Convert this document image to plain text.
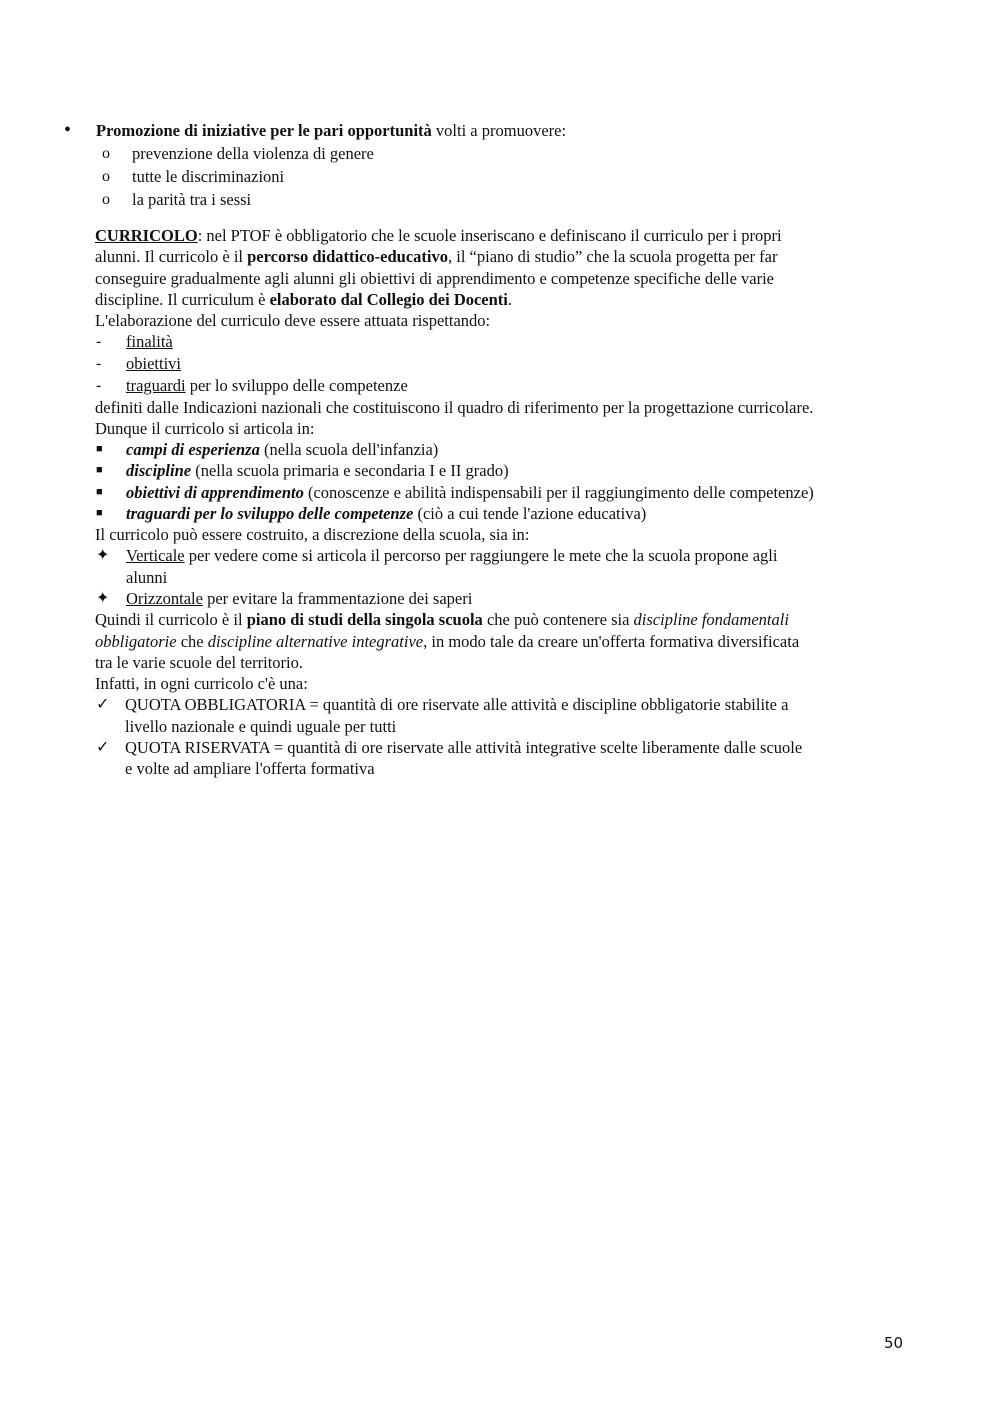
• Promozione di iniziative per le pari opportunità volti a promuovere:
o prevenzione della violenza di genere
o tutte le discriminazioni
o la parità tra i sessi
CURRICOLO: nel PTOF è obbligatorio che le scuole inseriscano e definiscano il curriculo per i propri
alunni. Il curricolo è il percorso didattico-educativo, il “piano di studio” che la scuola progetta per far
conseguire gradualmente agli alunni gli obiettivi di apprendimento e competenze specifiche delle varie
discipline. Il curriculum è elaborato dal Collegio dei Docenti.
L'elaborazione del curriculo deve essere attuata rispettando:
- finalità
- obiettivi
- traguardi per lo sviluppo delle competenze
definiti dalle Indicazioni nazionali che costituiscono il quadro di riferimento per la progettazione curricolare.
Dunque il curricolo si articola in:
■ campi di esperienza (nella scuola dell'infanzia)
■ discipline (nella scuola primaria e secondaria I e II grado)
■ obiettivi di apprendimento (conoscenze e abilità indispensabili per il raggiungimento delle competenze)
■ traguardi per lo sviluppo delle competenze (ciò a cui tende l'azione educativa)
Il curricolo può essere costruito, a discrezione della scuola, sia in:
✦ Verticale per vedere come si articola il percorso per raggiungere le mete che la scuola propone agli
alunni
✦ Orizzontale per evitare la frammentazione dei saperi
Quindi il curricolo è il piano di studi della singola scuola che può contenere sia discipline fondamentali
obbligatorie che discipline alternative integrative, in modo tale da creare un'offerta formativa diversificata
tra le varie scuole del territorio.
Infatti, in ogni curricolo c'è una:
✓ QUOTA OBBLIGATORIA = quantità di ore riservate alle attività e discipline obbligatorie stabilite a
livello nazionale e quindi uguale per tutti
✓ QUOTA RISERVATA = quantità di ore riservate alle attività integrative scelte liberamente dalle scuole
e volte ad ampliare l'offerta formativa
50
